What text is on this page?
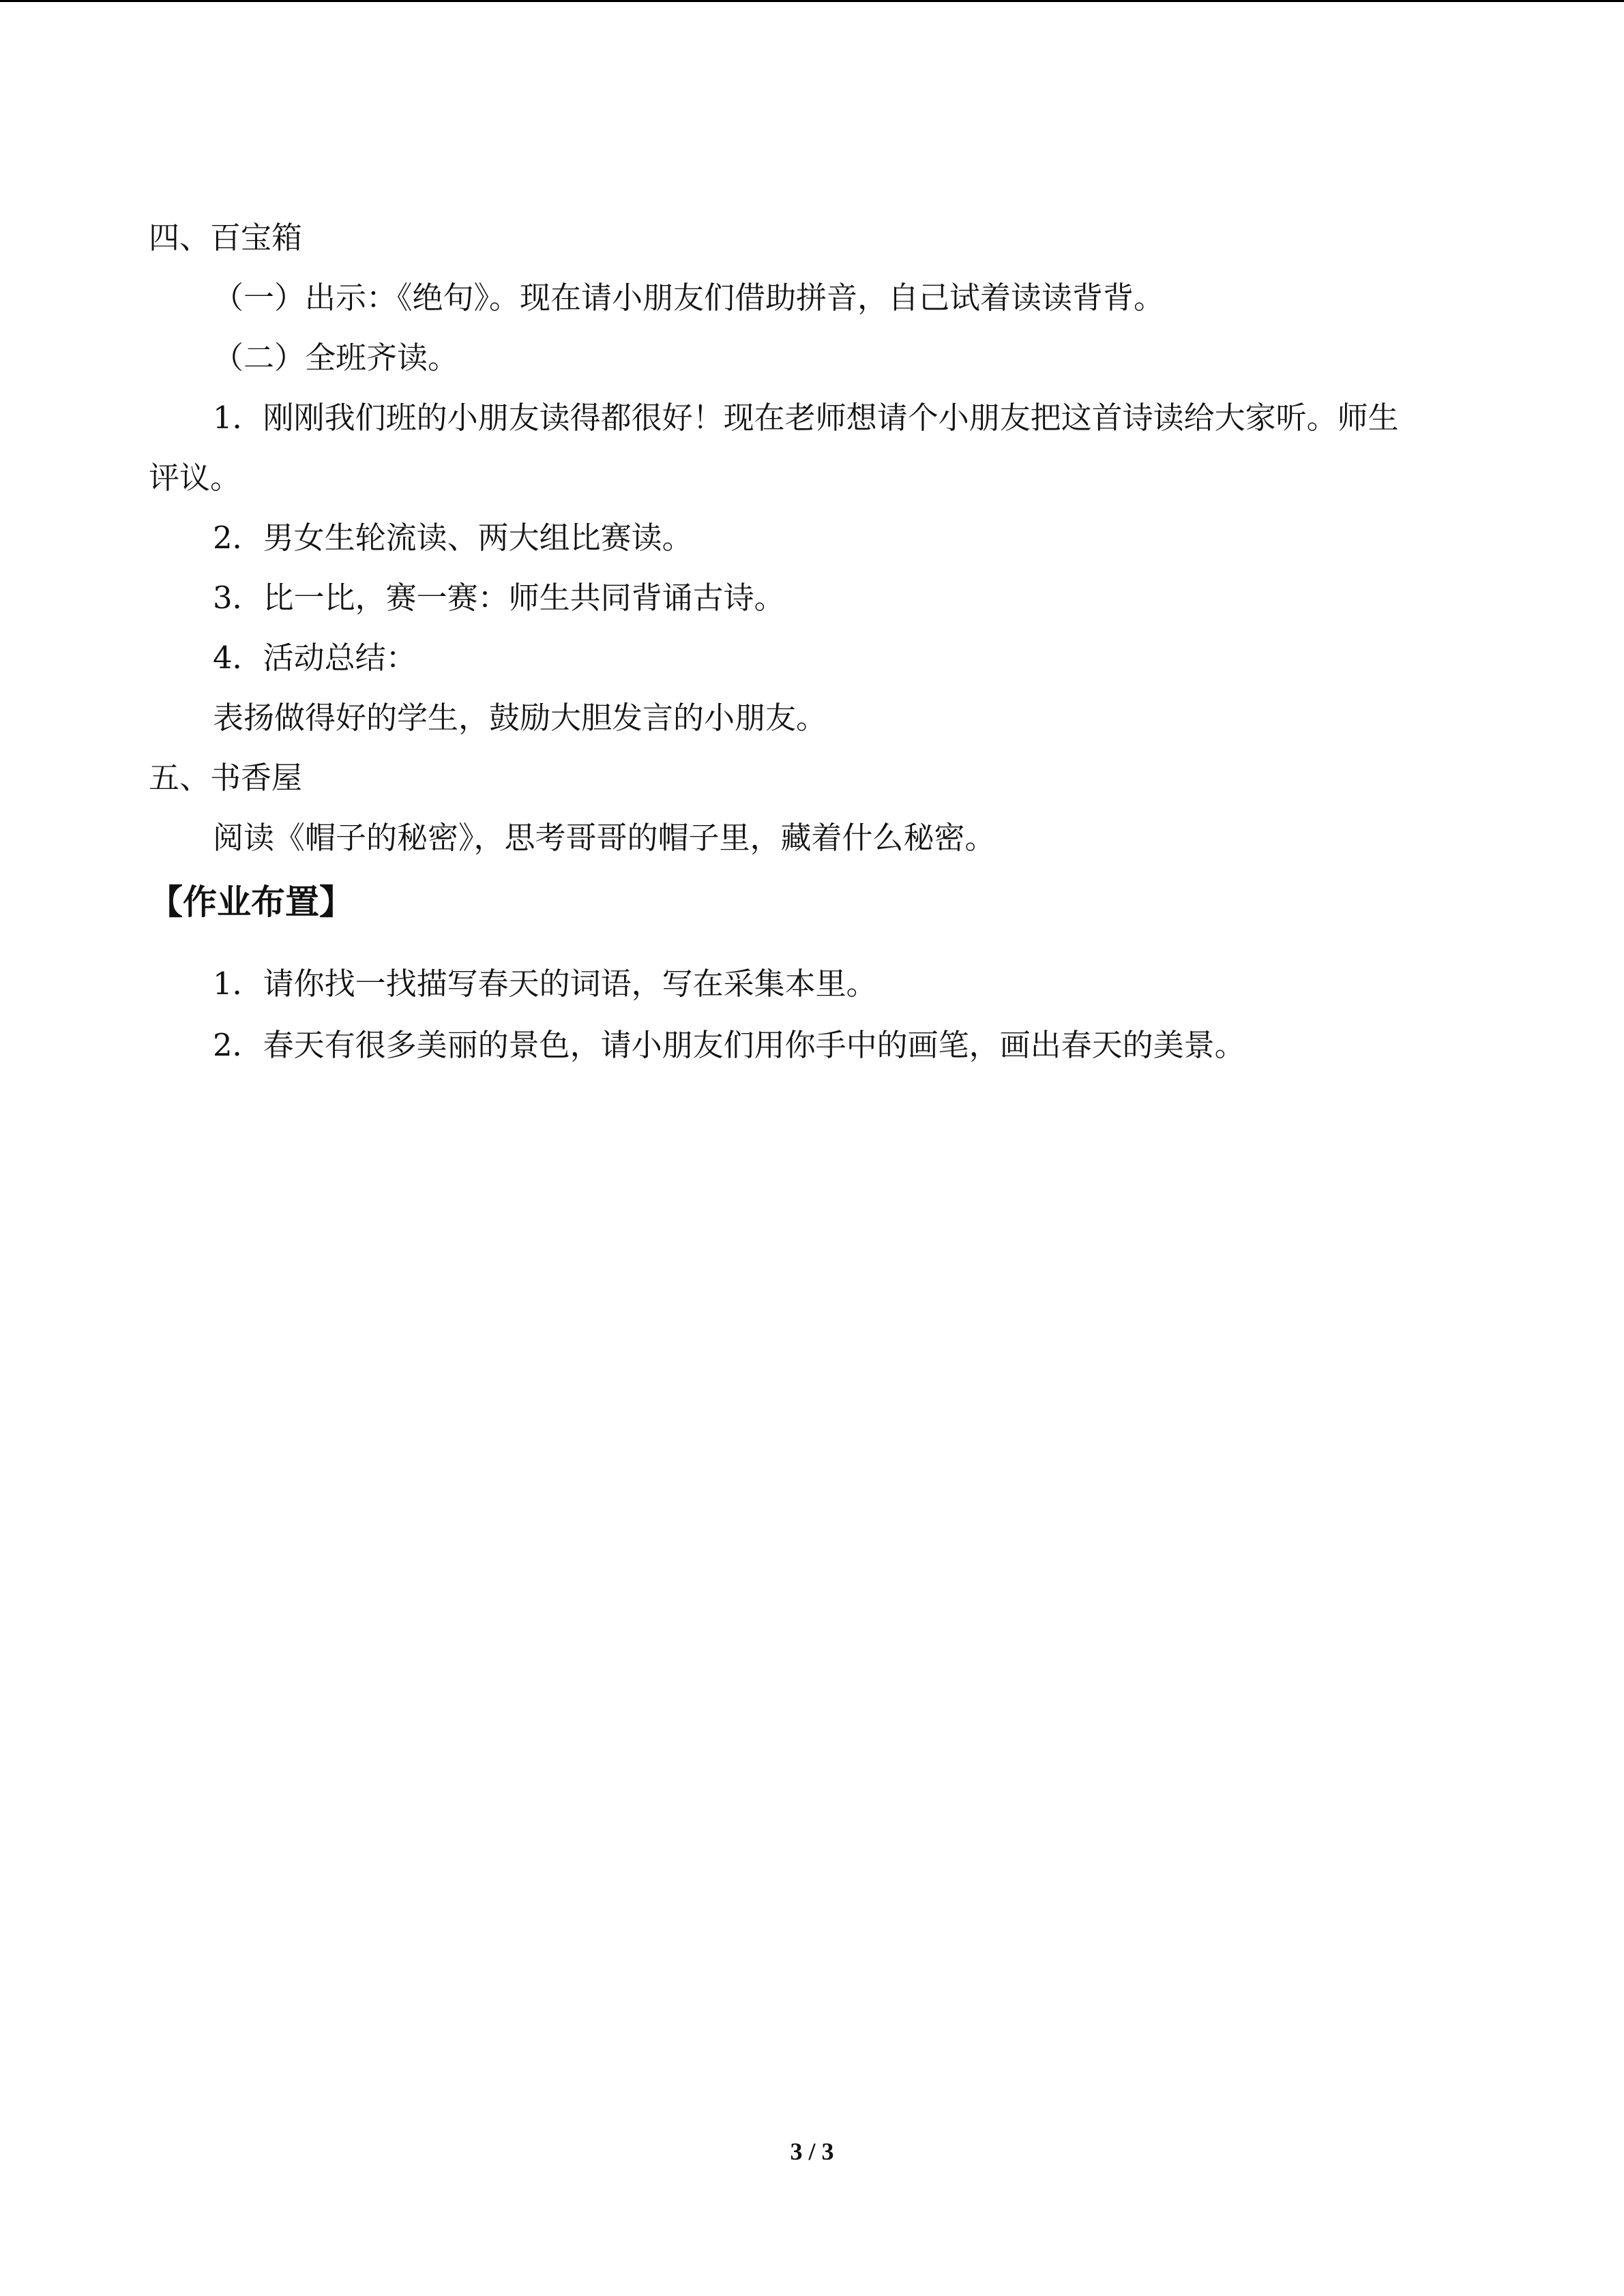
四、百宝箱

（一）出示：《绝句》。现在请小朋友们借助拼音，自己试着读读背背。

（二）全班齐读。

1．刚刚我们班的小朋友读得都很好！现在老师想请个小朋友把这首诗读给大家听。师生

评议。

2．男女生轮流读、两大组比赛读。

3．比一比，赛一赛：师生共同背诵古诗。

4．活动总结：

表扬做得好的学生，鼓励大胆发言的小朋友。

五、书香屋

阅读《帽子的秘密》，思考哥哥的帽子里，藏着什么秘密。

【作业布置】

1．请你找一找描写春天的词语，写在采集本里。

2．春天有很多美丽的景色，请小朋友们用你手中的画笔，画出春天的美景。

3 / 3
